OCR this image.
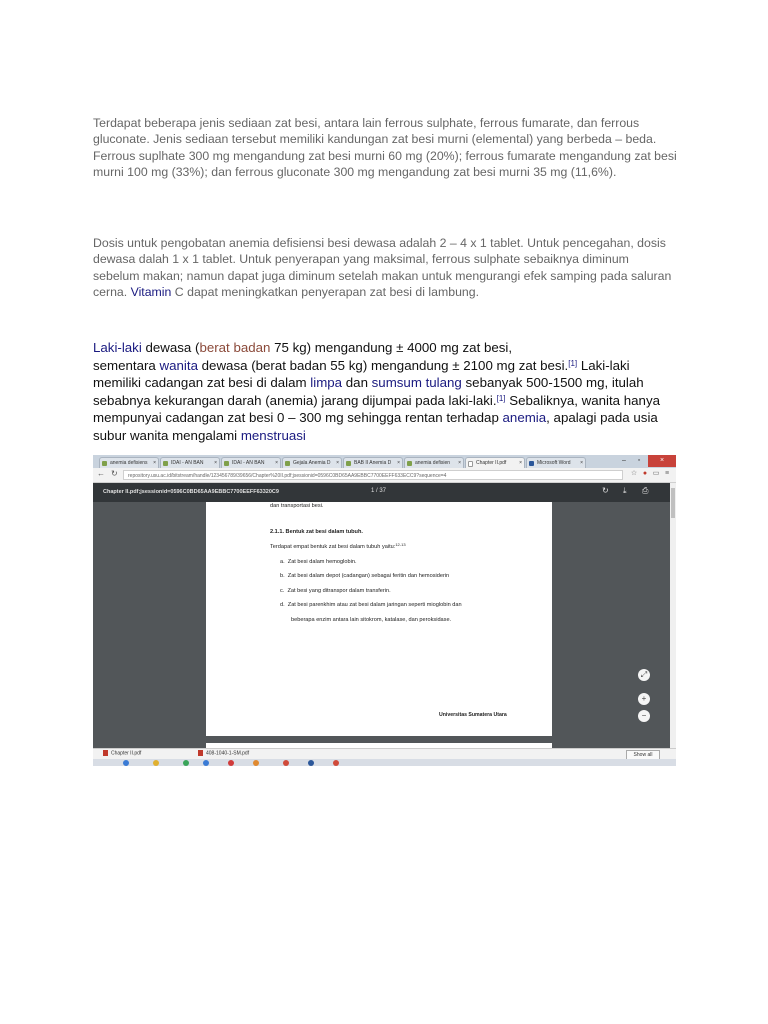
Terdapat beberapa jenis sediaan zat besi, antara lain ferrous sulphate, ferrous fumarate, dan ferrous gluconate. Jenis sediaan tersebut memiliki kandungan zat besi murni (elemental) yang berbeda – beda. Ferrous suplhate 300 mg mengandung zat besi murni 60 mg (20%); ferrous fumarate mengandung zat besi murni 100 mg (33%); dan ferrous gluconate 300 mg mengandung zat besi murni 35 mg (11,6%).
Dosis untuk pengobatan anemia defisiensi besi dewasa adalah 2 – 4 x 1 tablet. Untuk pencegahan, dosis dewasa dalah 1 x 1 tablet. Untuk penyerapan yang maksimal, ferrous sulphate sebaiknya diminum sebelum makan; namun dapat juga diminum setelah makan untuk mengurangi efek samping pada saluran cerna. Vitamin C dapat meningkatkan penyerapan zat besi di lambung.
Laki-laki dewasa (berat badan 75 kg) mengandung ± 4000 mg zat besi,
sementara wanita dewasa (berat badan 55 kg) mengandung ± 2100 mg zat besi.[1] Laki-laki memiliki cadangan zat besi di dalam limpa dan sumsum tulang sebanyak 500-1500 mg, itulah sebabnya kekurangan darah (anemia) jarang dijumpai pada laki-laki.[1] Sebaliknya, wanita hanya mempunyai cadangan zat besi 0 – 300 mg sehingga rentan terhadap anemia, apalagi pada usia subur wanita mengalami menstruasi
anemia defisiens ×	IDAI - AN BAN ×	IDAI - AN BAN ×	Gejala Anemia D ×	BAB II Anemia D ×	anemia defisien ×	Chapter II.pdf	×	Microsoft Word ×	–	▫	×
← ↻	repository.usu.ac.id/bitstream/handle/123456789/39656/Chapter%20II.pdf;jsessionid=0596C0BD65AA9EBBC7700EEFF633ECC9?sequence=4	☆ ● ▭ ≡
Chapter II.pdf;jsessionid=0596C0BD65AA9EBBC7700EEFF63320C9	1 / 37	↻ ⤓ ⎙
dan transportasi besi.
2.1.1. Bentuk zat besi dalam tubuh.
Terdapat empat bentuk zat besi dalam tubuh yaitu:$^{12-13}$
a. Zat besi dalam hemoglobin.
b. Zat besi dalam depot (cadangan) sebagai feritin dan hemosiderin
c. Zat besi yang ditranspor dalam transferin.
d. Zat besi parenkhim atau zat besi dalam jaringan seperti mioglobin dan
beberapa enzim antara lain sitokrom, katalase, dan peroksidase.
Universitas Sumatera Utara
⤢
+
−
Chapter II.pdf	408-1040-1-SM.pdf	Show all
